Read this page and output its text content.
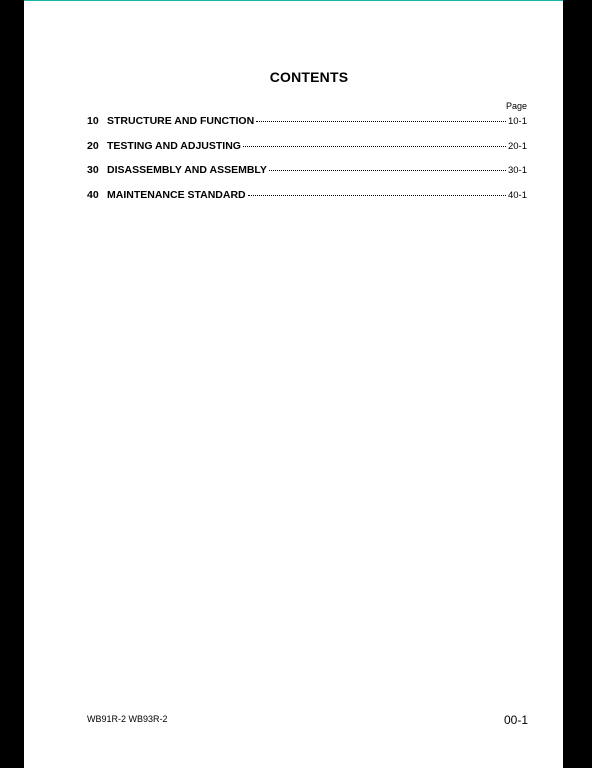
CONTENTS
Page
10 STRUCTURE AND FUNCTION	10-1
20 TESTING AND ADJUSTING	20-1
30 DISASSEMBLY AND ASSEMBLY	30-1
40 MAINTENANCE STANDARD	40-1
WB91R-2 WB93R-2	00-1
